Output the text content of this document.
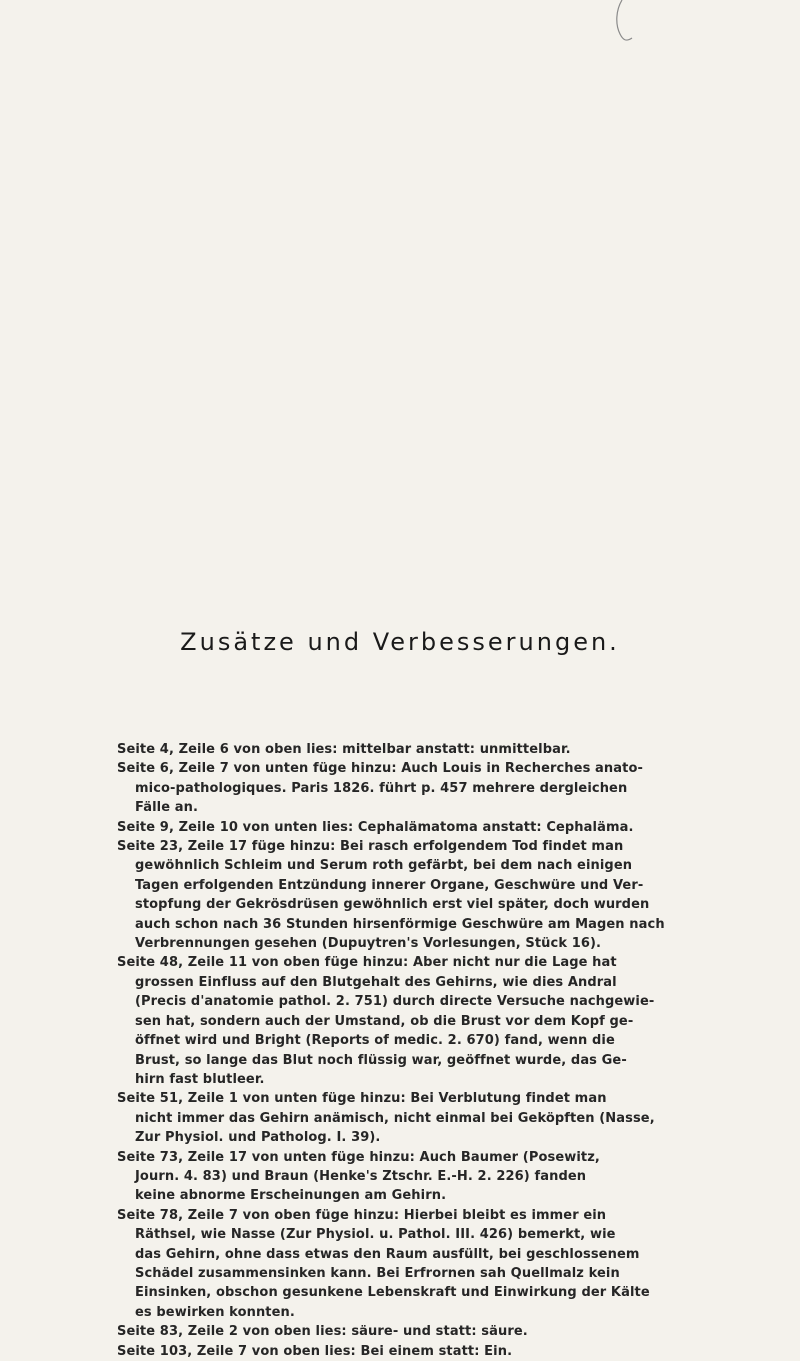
Zusätze und Verbesserungen.

Seite 4, Zeile 6 von oben lies: mittelbar anstatt: unmittelbar.

Seite 6, Zeile 7 von unten füge hinzu: Auch Louis in Recherches anato-
mico-pathologiques. Paris 1826. führt p. 457 mehrere dergleichen
Fälle an.

Seite 9, Zeile 10 von unten lies: Cephalämatoma anstatt: Cephaläma.

Seite 23, Zeile 17 füge hinzu: Bei rasch erfolgendem Tod findet man
gewöhnlich Schleim und Serum roth gefärbt, bei dem nach einigen
Tagen erfolgenden Entzündung innerer Organe, Geschwüre und Ver-
stopfung der Gekrösdrüsen gewöhnlich erst viel später, doch wurden
auch schon nach 36 Stunden hirsenförmige Geschwüre am Magen nach
Verbrennungen gesehen (Dupuytren's Vorlesungen, Stück 16).

Seite 48, Zeile 11 von oben füge hinzu: Aber nicht nur die Lage hat
grossen Einfluss auf den Blutgehalt des Gehirns, wie dies Andral
(Precis d'anatomie pathol. 2. 751) durch directe Versuche nachgewie-
sen hat, sondern auch der Umstand, ob die Brust vor dem Kopf ge-
öffnet wird und Bright (Reports of medic. 2. 670) fand, wenn die
Brust, so lange das Blut noch flüssig war, geöffnet wurde, das Ge-
hirn fast blutleer.

Seite 51, Zeile 1 von unten füge hinzu: Bei Verblutung findet man
nicht immer das Gehirn anämisch, nicht einmal bei Geköpften (Nasse,
Zur Physiol. und Patholog. I. 39).

Seite 73, Zeile 17 von unten füge hinzu: Auch Baumer (Posewitz,
Journ. 4. 83) und Braun (Henke's Ztschr. E.-H. 2. 226) fanden
keine abnorme Erscheinungen am Gehirn.

Seite 78, Zeile 7 von oben füge hinzu: Hierbei bleibt es immer ein
Räthsel, wie Nasse (Zur Physiol. u. Pathol. III. 426) bemerkt, wie
das Gehirn, ohne dass etwas den Raum ausfüllt, bei geschlossenem
Schädel zusammensinken kann. Bei Erfrornen sah Quellmalz kein
Einsinken, obschon gesunkene Lebenskraft und Einwirkung der Kälte
es bewirken konnten.

Seite 83, Zeile 2 von oben lies: säure- und statt: säure.

Seite 103, Zeile 7 von oben lies: Bei einem statt: Ein.
